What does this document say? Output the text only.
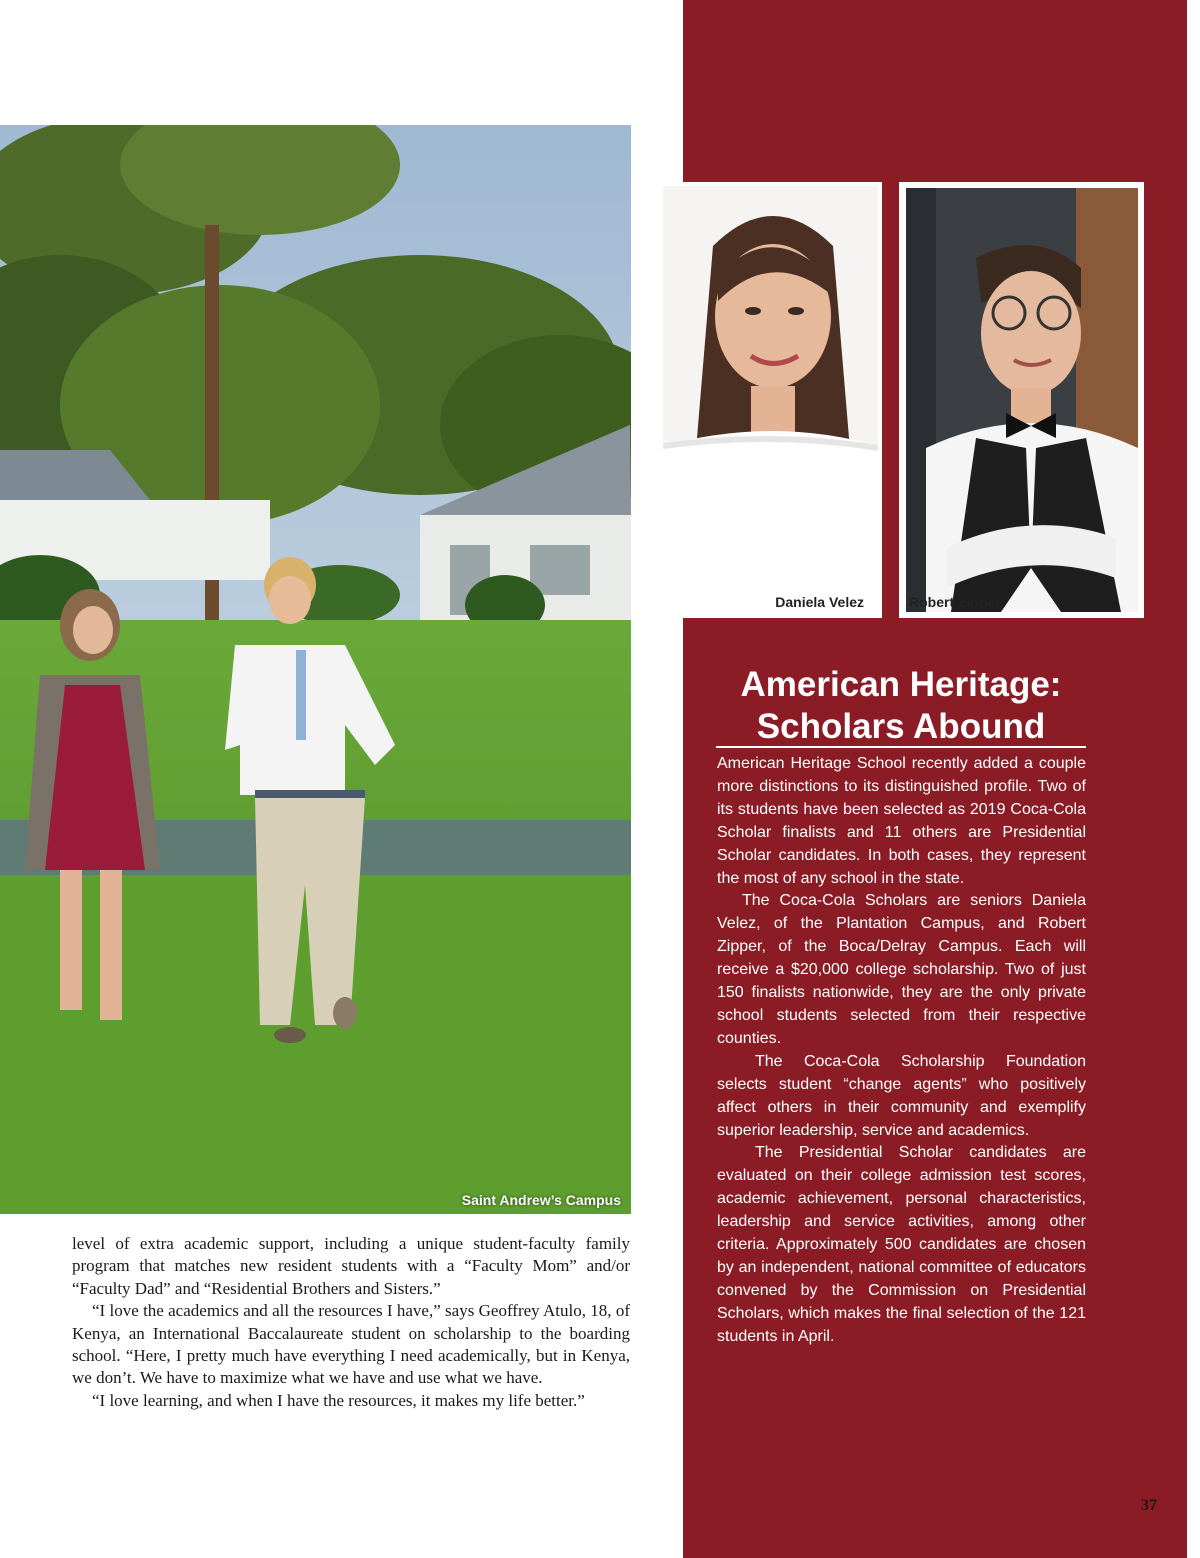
Saint Andrew’s Campus
Daniela Velez	Robert Zipper
American Heritage:
Scholars Abound

American Heritage School recently added a couple more distinctions to its distinguished profile. Two of its students have been selected as 2019 Coca-Cola Scholar finalists and 11 others are Presidential Scholar candidates. In both cases, they represent the most of any school in the state.

The Coca-Cola Scholars are seniors Daniela Velez, of the Plantation Campus, and Robert Zipper, of the Boca/Delray Campus. Each will receive a $20,000 college scholarship. Two of just 150 finalists nationwide, they are the only private school students selected from their respective counties.

The Coca-Cola Scholarship Foundation selects student “change agents” who positively affect others in their community and exemplify superior leadership, service and academics.

The Presidential Scholar candidates are evaluated on their college admission test scores, academic achievement, personal characteristics, leadership and service activities, among other criteria. Approximately 500 candidates are chosen by an independent, national committee of educators convened by the Commission on Presidential Scholars, which makes the final selection of the 121 students in April.

level of extra academic support, including a unique student-faculty family program that matches new resident students with a “Faculty Mom” and/or “Faculty Dad” and “Residential Brothers and Sisters.”

“I love the academics and all the resources I have,” says Geoffrey Atulo, 18, of Kenya, an International Baccalaureate student on scholarship to the boarding school. “Here, I pretty much have everything I need academically, but in Kenya, we don’t. We have to maximize what we have and use what we have.

“I love learning, and when I have the resources, it makes my life better.”

CITYANDSHORE.COM 37
